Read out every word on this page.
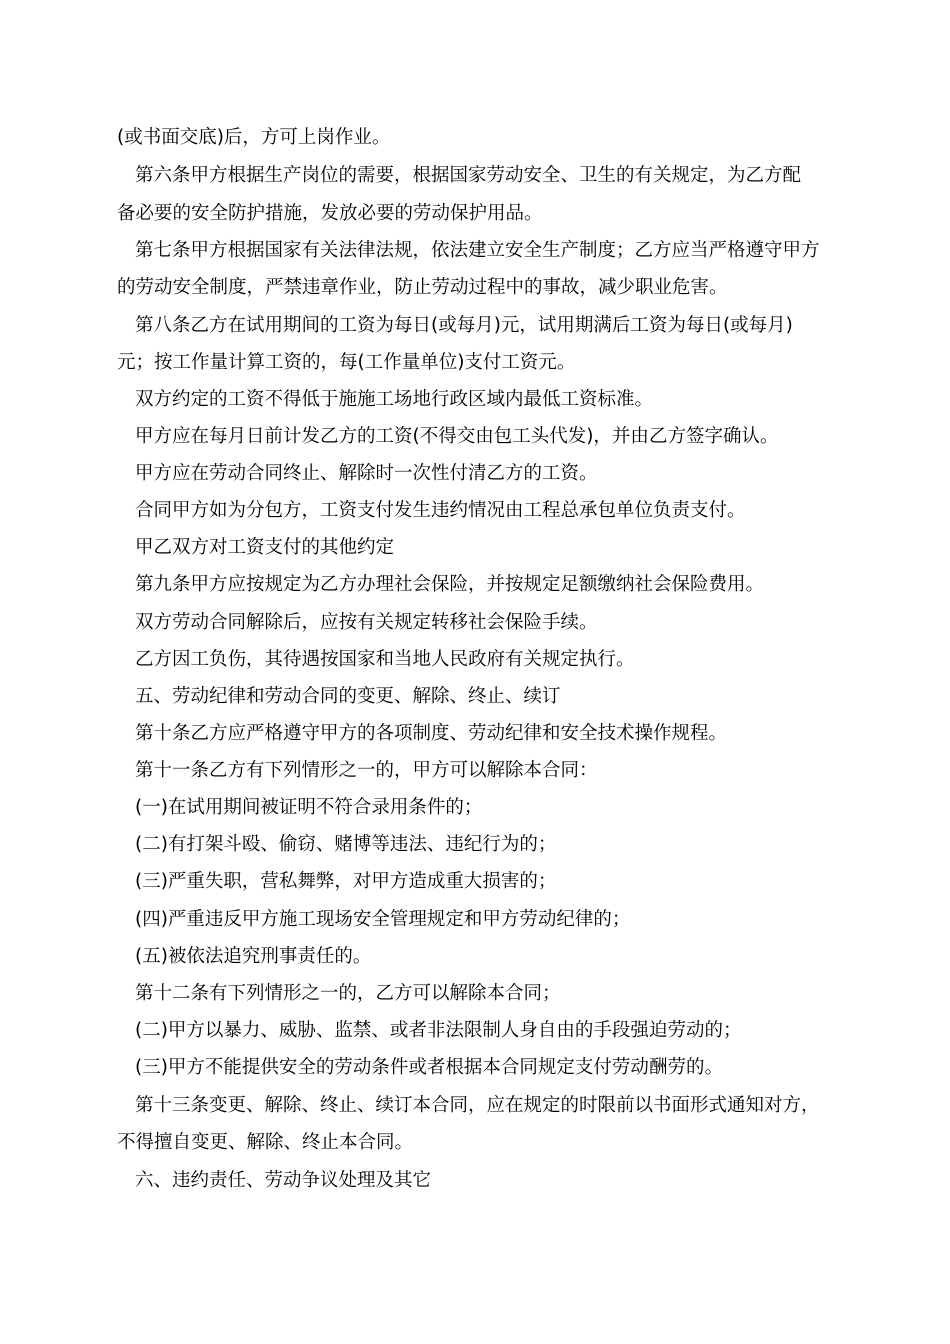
(或书面交底)后，方可上岗作业。
第六条甲方根据生产岗位的需要，根据国家劳动安全、卫生的有关规定，为乙方配
备必要的安全防护措施，发放必要的劳动保护用品。
第七条甲方根据国家有关法律法规，依法建立安全生产制度；乙方应当严格遵守甲方
的劳动安全制度，严禁违章作业，防止劳动过程中的事故，减少职业危害。
第八条乙方在试用期间的工资为每日(或每月)元，试用期满后工资为每日(或每月)
元；按工作量计算工资的，每(工作量单位)支付工资元。
双方约定的工资不得低于施施工场地行政区域内最低工资标准。
甲方应在每月日前计发乙方的工资(不得交由包工头代发)，并由乙方签字确认。
甲方应在劳动合同终止、解除时一次性付清乙方的工资。
合同甲方如为分包方，工资支付发生违约情况由工程总承包单位负责支付。
甲乙双方对工资支付的其他约定
第九条甲方应按规定为乙方办理社会保险，并按规定足额缴纳社会保险费用。
双方劳动合同解除后，应按有关规定转移社会保险手续。
乙方因工负伤，其待遇按国家和当地人民政府有关规定执行。
五、劳动纪律和劳动合同的变更、解除、终止、续订
第十条乙方应严格遵守甲方的各项制度、劳动纪律和安全技术操作规程。
第十一条乙方有下列情形之一的，甲方可以解除本合同：
(一)在试用期间被证明不符合录用条件的；
(二)有打架斗殴、偷窃、赌博等违法、违纪行为的；
(三)严重失职，营私舞弊，对甲方造成重大损害的；
(四)严重违反甲方施工现场安全管理规定和甲方劳动纪律的；
(五)被依法追究刑事责任的。
第十二条有下列情形之一的，乙方可以解除本合同；
(二)甲方以暴力、威胁、监禁、或者非法限制人身自由的手段强迫劳动的；
(三)甲方不能提供安全的劳动条件或者根据本合同规定支付劳动酬劳的。
第十三条变更、解除、终止、续订本合同，应在规定的时限前以书面形式通知对方，
不得擅自变更、解除、终止本合同。
六、违约责任、劳动争议处理及其它
